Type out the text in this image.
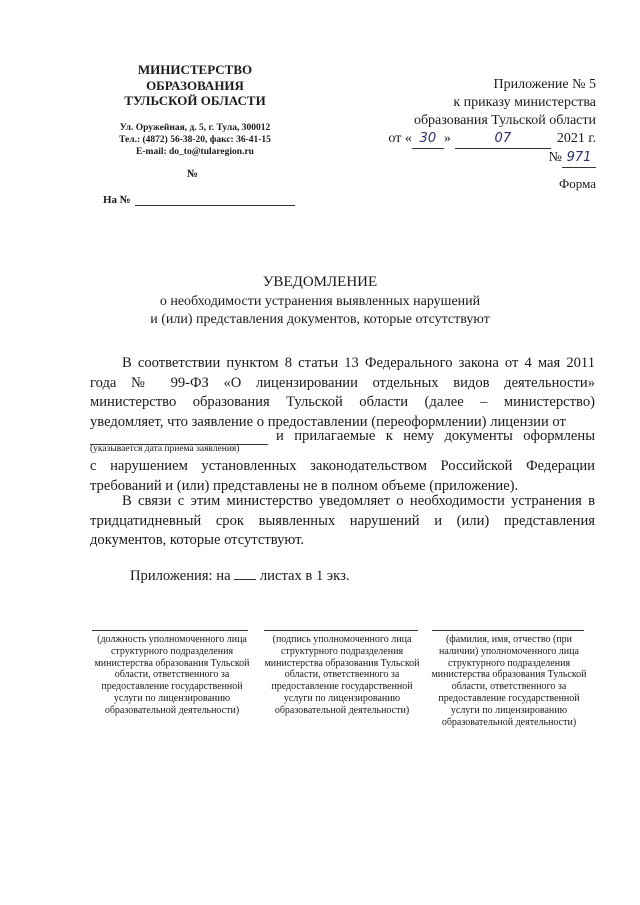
МИНИСТЕРСТВО
ОБРАЗОВАНИЯ
ТУЛЬСКОЙ ОБЛАСТИ
Ул. Оружейная, д. 5, г. Тула, 300012
Тел.: (4872) 56-38-20, факс: 36-41-15
E-mail: do_to@tularegion.ru
№
На №
Приложение № 5
к приказу министерства
образования Тульской области
от « 30 »	07	2021 г.
№ 971
Форма
УВЕДОМЛЕНИЕ
о необходимости устранения выявленных нарушений
и (или) представления документов, которые отсутствуют
В соответствии пунктом 8 статьи 13 Федерального закона от 4 мая 2011 года № 99-ФЗ «О лицензировании отдельных видов деятельности» министерство образования Тульской области (далее – министерство) уведомляет, что заявление о предоставлении (переоформлении) лицензии от
и прилагаемые к нему документы оформлены
(указывается дата приема заявления)
с нарушением установленных законодательством Российской Федерации требований и (или) представлены не в полном объеме (приложение).
В связи с этим министерство уведомляет о необходимости устранения в тридцатидневный срок выявленных нарушений и (или) представления документов, которые отсутствуют.
Приложения: на листах в 1 экз.
(должность уполномоченного лица структурного подразделения министерства образования Тульской области, ответственного за предоставление государственной услуги по лицензированию образовательной деятельности)
(подпись уполномоченного лица структурного подразделения министерства образования Тульской области, ответственного за предоставление государственной услуги по лицензированию образовательной деятельности)
(фамилия, имя, отчество (при наличии) уполномоченного лица структурного подразделения министерства образования Тульской области, ответственного за предоставление государственной услуги по лицензированию образовательной деятельности)
